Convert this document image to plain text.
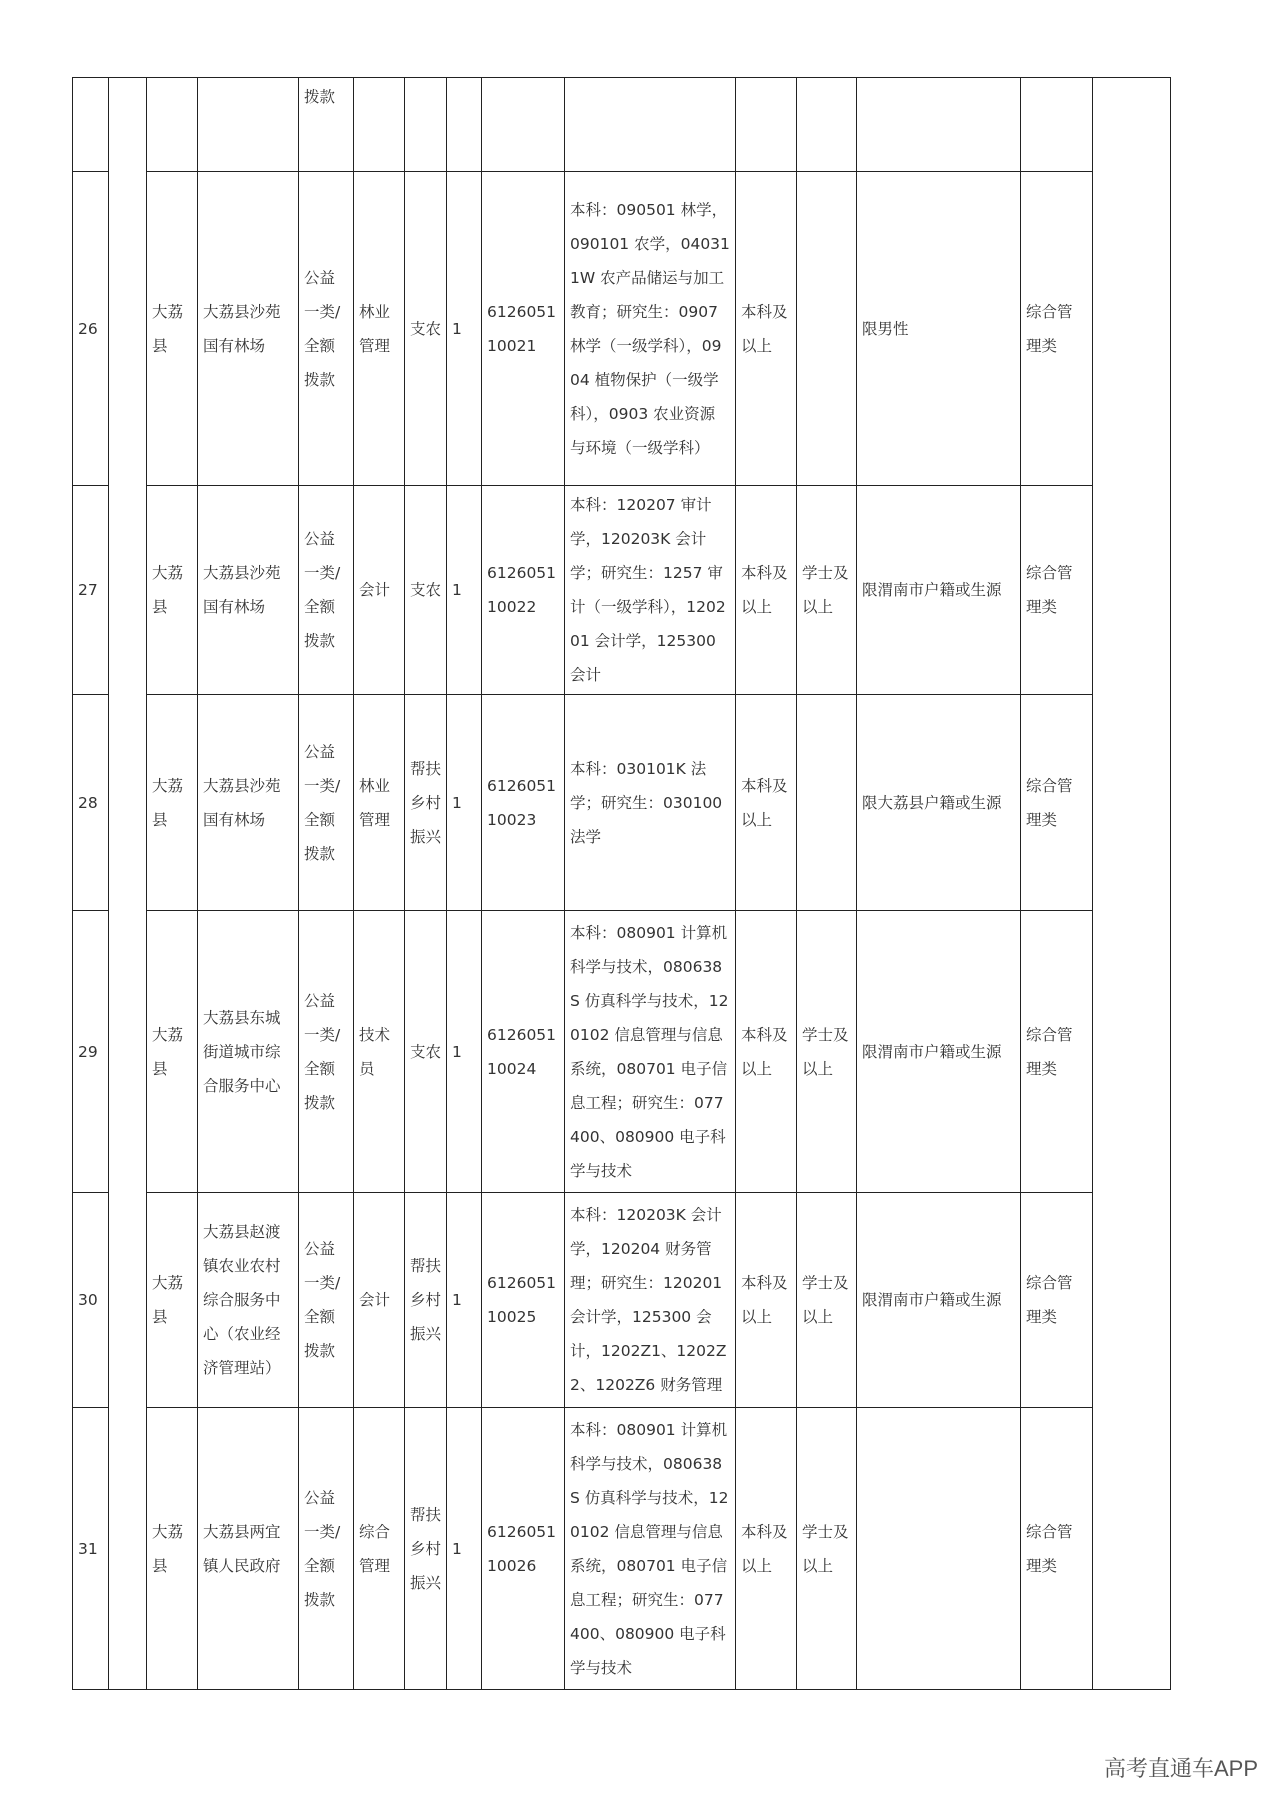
				拨款										
26		大荔县	大荔县沙苑国有林场	公益一类/全额拨款	林业管理	支农	1	612605110021	本科：090501 林学，090101 农学，040311W 农产品储运与加工教育；研究生：0907 林学（一级学科），0904 植物保护（一级学科），0903 农业资源与环境（一级学科）	本科及以上		限男性	综合管理类	
27		大荔县	大荔县沙苑国有林场	公益一类/全额拨款	会计	支农	1	612605110022	本科：120207 审计学，120203K 会计学；研究生：1257 审计（一级学科），120201 会计学，125300 会计	本科及以上	学士及以上	限渭南市户籍或生源	综合管理类	
28		大荔县	大荔县沙苑国有林场	公益一类/全额拨款	林业管理	帮扶乡村振兴	1	612605110023	本科：030101K 法学；研究生：030100 法学	本科及以上		限大荔县户籍或生源	综合管理类	
29		大荔县	大荔县东城街道城市综合服务中心	公益一类/全额拨款	技术员	支农	1	612605110024	本科：080901 计算机科学与技术，080638S 仿真科学与技术，120102 信息管理与信息系统，080701 电子信息工程；研究生：077400、080900 电子科学与技术	本科及以上	学士及以上	限渭南市户籍或生源	综合管理类	
30		大荔县	大荔县赵渡镇农业农村综合服务中心（农业经济管理站）	公益一类/全额拨款	会计	帮扶乡村振兴	1	612605110025	本科：120203K 会计学，120204 财务管理；研究生：120201 会计学，125300 会计，1202Z1、1202Z2、1202Z6 财务管理	本科及以上	学士及以上	限渭南市户籍或生源	综合管理类	
31		大荔县	大荔县两宜镇人民政府	公益一类/全额拨款	综合管理	帮扶乡村振兴	1	612605110026	本科：080901 计算机科学与技术，080638S 仿真科学与技术，120102 信息管理与信息系统，080701 电子信息工程；研究生：077400、080900 电子科学与技术	本科及以上	学士及以上		综合管理类	
高考直通车APP
